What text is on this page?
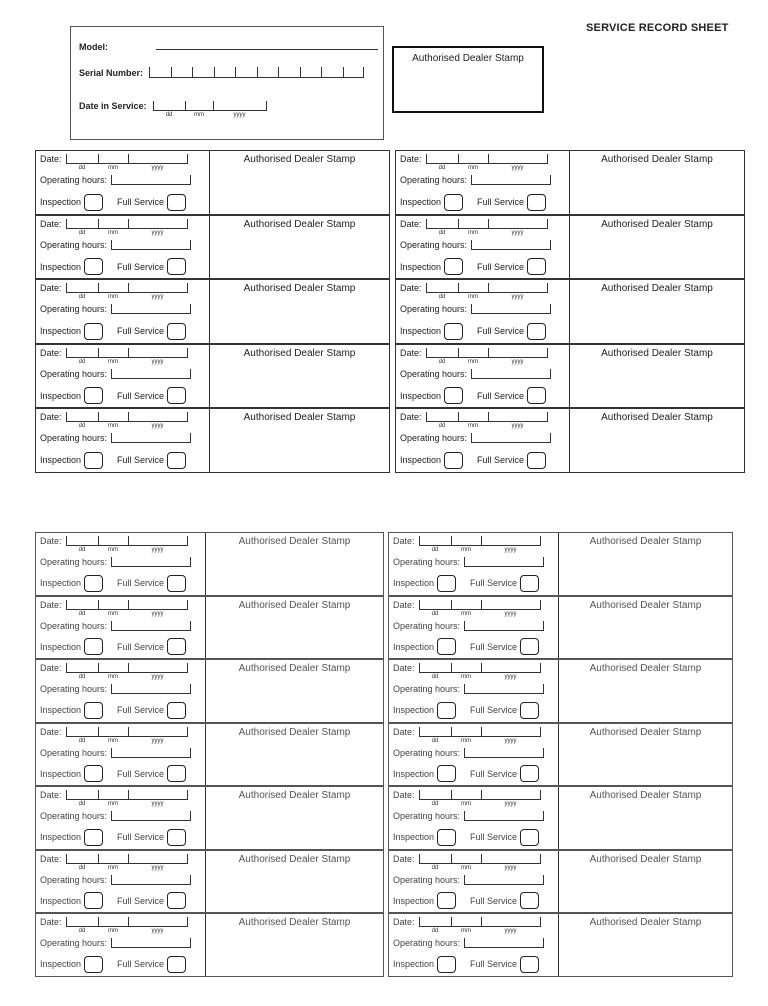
SERVICE RECORD SHEET
Model:
Serial Number:
Date in Service:
dd	mm	yyyy
Authorised Dealer Stamp
Date:
dd	mm	yyyy
Operating hours:
Inspection	Full Service
Authorised Dealer Stamp	Date:
dd	mm	yyyy
Operating hours:
Inspection	Full Service
Authorised Dealer Stamp
Date:
dd	mm	yyyy
Operating hours:
Inspection	Full Service
Authorised Dealer Stamp	Date:
dd	mm	yyyy
Operating hours:
Inspection	Full Service
Authorised Dealer Stamp
Date:
dd	mm	yyyy
Operating hours:
Inspection	Full Service
Authorised Dealer Stamp	Date:
dd	mm	yyyy
Operating hours:
Inspection	Full Service
Authorised Dealer Stamp
Date:
dd	mm	yyyy
Operating hours:
Inspection	Full Service
Authorised Dealer Stamp	Date:
dd	mm	yyyy
Operating hours:
Inspection	Full Service
Authorised Dealer Stamp
Date:
dd	mm	yyyy
Operating hours:
Inspection	Full Service
Authorised Dealer Stamp	Date:
dd	mm	yyyy
Operating hours:
Inspection	Full Service
Authorised Dealer Stamp
Date:
dd	mm	yyyy
Operating hours:
Inspection	Full Service
Authorised Dealer Stamp	Date:
dd	mm	yyyy
Operating hours:
Inspection	Full Service
Authorised Dealer Stamp
Date:
dd	mm	yyyy
Operating hours:
Inspection	Full Service
Authorised Dealer Stamp	Date:
dd	mm	yyyy
Operating hours:
Inspection	Full Service
Authorised Dealer Stamp
Date:
dd	mm	yyyy
Operating hours:
Inspection	Full Service
Authorised Dealer Stamp	Date:
dd	mm	yyyy
Operating hours:
Inspection	Full Service
Authorised Dealer Stamp
Date:
dd	mm	yyyy
Operating hours:
Inspection	Full Service
Authorised Dealer Stamp	Date:
dd	mm	yyyy
Operating hours:
Inspection	Full Service
Authorised Dealer Stamp
Date:
dd	mm	yyyy
Operating hours:
Inspection	Full Service
Authorised Dealer Stamp	Date:
dd	mm	yyyy
Operating hours:
Inspection	Full Service
Authorised Dealer Stamp
Date:
dd	mm	yyyy
Operating hours:
Inspection	Full Service
Authorised Dealer Stamp	Date:
dd	mm	yyyy
Operating hours:
Inspection	Full Service
Authorised Dealer Stamp
Date:
dd	mm	yyyy
Operating hours:
Inspection	Full Service
Authorised Dealer Stamp	Date:
dd	mm	yyyy
Operating hours:
Inspection	Full Service
Authorised Dealer Stamp
